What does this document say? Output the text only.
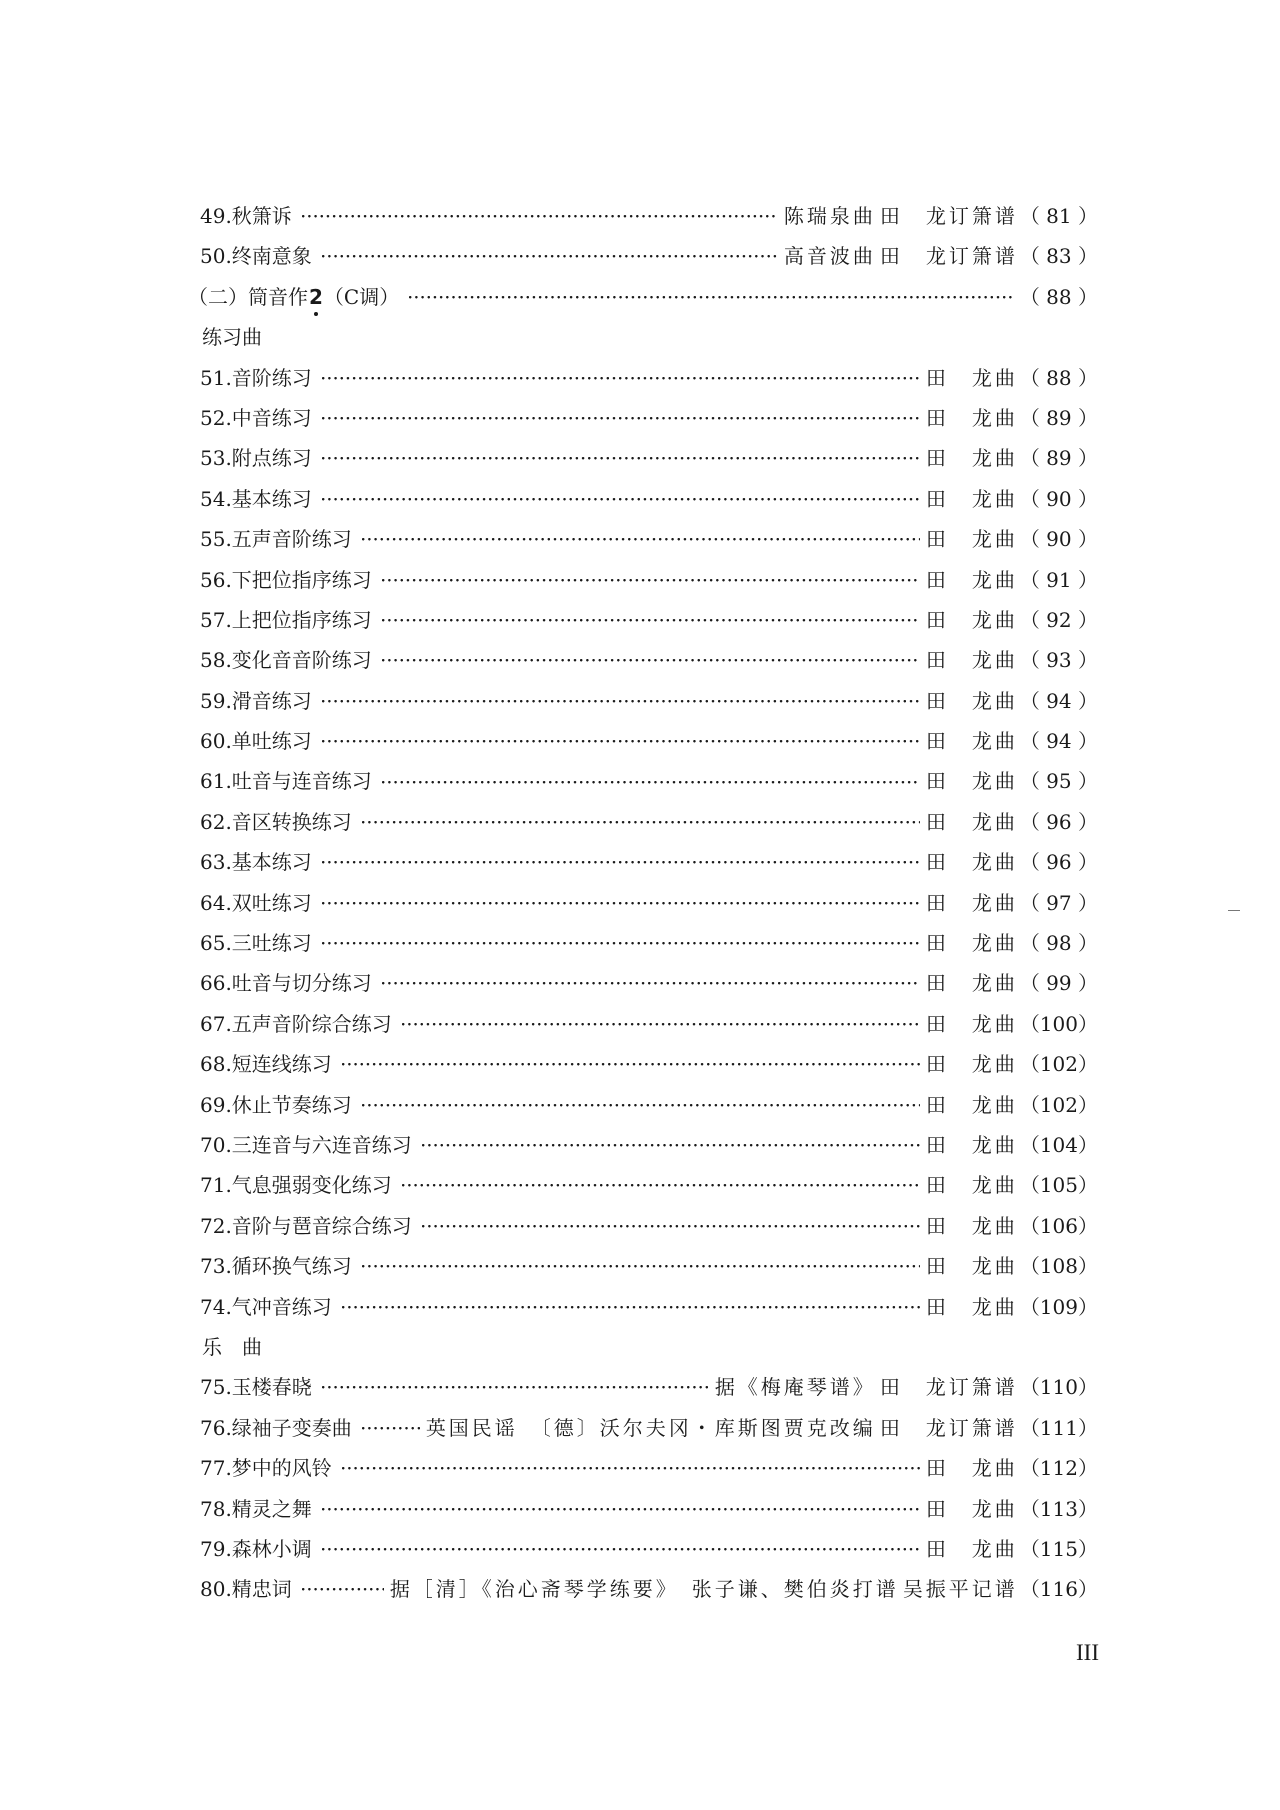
49.秋箫诉	陈瑞泉曲 田　龙订箫谱 （ 81 ）
50.终南意象	高音波曲 田　龙订箫谱 （ 83 ）
（二）筒音作2（C调）	（ 88 ）
练习曲
51.音阶练习	田　龙曲 （ 88 ）
52.中音练习	田　龙曲 （ 89 ）
53.附点练习	田　龙曲 （ 89 ）
54.基本练习	田　龙曲 （ 90 ）
55.五声音阶练习	田　龙曲 （ 90 ）
56.下把位指序练习	田　龙曲 （ 91 ）
57.上把位指序练习	田　龙曲 （ 92 ）
58.变化音音阶练习	田　龙曲 （ 93 ）
59.滑音练习	田　龙曲 （ 94 ）
60.单吐练习	田　龙曲 （ 94 ）
61.吐音与连音练习	田　龙曲 （ 95 ）
62.音区转换练习	田　龙曲 （ 96 ）
63.基本练习	田　龙曲 （ 96 ）
64.双吐练习	田　龙曲 （ 97 ）
65.三吐练习	田　龙曲 （ 98 ）
66.吐音与切分练习	田　龙曲 （ 99 ）
67.五声音阶综合练习	田　龙曲 （100）
68.短连线练习	田　龙曲 （102）
69.休止节奏练习	田　龙曲 （102）
70.三连音与六连音练习	田　龙曲 （104）
71.气息强弱变化练习	田　龙曲 （105）
72.音阶与琶音综合练习	田　龙曲 （106）
73.循环换气练习	田　龙曲 （108）
74.气冲音练习	田　龙曲 （109）
乐　曲
75.玉楼春晓	据《梅庵琴谱》 田　龙订箫谱 （110）
76.绿袖子变奏曲	英国民谣　〔德〕沃尔夫冈・库斯图贾克改编 田　龙订箫谱 （111）
77.梦中的风铃	田　龙曲 （112）
78.精灵之舞	田　龙曲 （113）
79.森林小调	田　龙曲 （115）
80.精忠词	据［清］《治心斋琴学练要》　张子谦、樊伯炎打谱 吴振平记谱 （116）
III
